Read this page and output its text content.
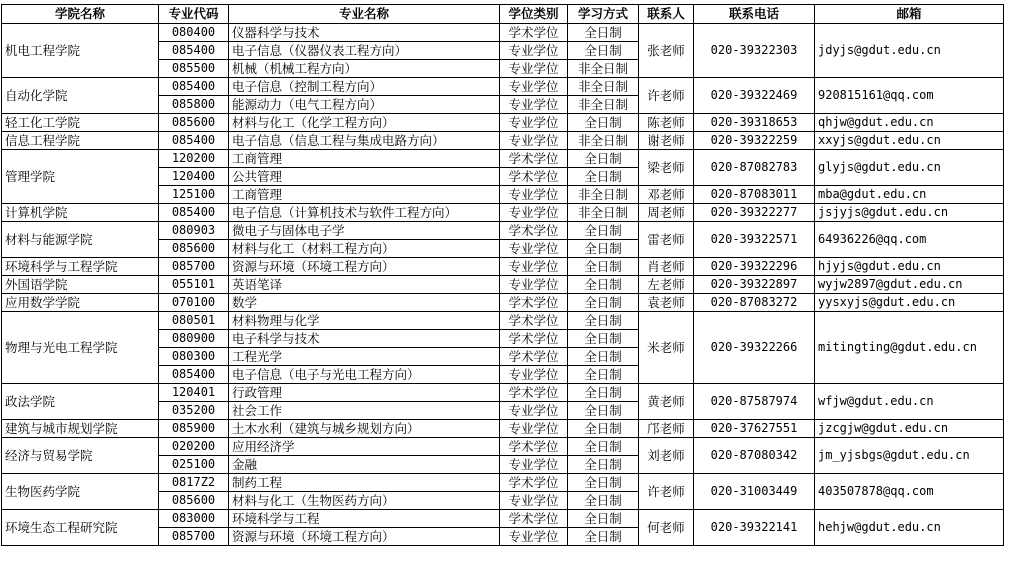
学院名称	专业代码	专业名称	学位类别	学习方式	联系人	联系电话	邮箱
机电工程学院	080400	仪器科学与技术	学术学位	全日制	张老师	020-39322303	jdyjs@gdut.edu.cn
	085400	电子信息（仪器仪表工程方向）	专业学位	全日制			
	085500	机械（机械工程方向）	专业学位	非全日制			
自动化学院	085400	电子信息（控制工程方向）	专业学位	非全日制	许老师	020-39322469	920815161@qq.com
	085800	能源动力（电气工程方向）	专业学位	非全日制			
轻工化工学院	085600	材料与化工（化学工程方向）	专业学位	全日制	陈老师	020-39318653	qhjw@gdut.edu.cn
信息工程学院	085400	电子信息（信息工程与集成电路方向）	专业学位	非全日制	谢老师	020-39322259	xxyjs@gdut.edu.cn
管理学院	120200	工商管理	学术学位	全日制	梁老师	020-87082783	glyjs@gdut.edu.cn
	120400	公共管理	学术学位	全日制			
	125100	工商管理	专业学位	非全日制	邓老师	020-87083011	mba@gdut.edu.cn
计算机学院	085400	电子信息（计算机技术与软件工程方向）	专业学位	非全日制	周老师	020-39322277	jsjyjs@gdut.edu.cn
材料与能源学院	080903	微电子与固体电子学	学术学位	全日制	雷老师	020-39322571	64936226@qq.com
	085600	材料与化工（材料工程方向）	专业学位	全日制			
环境科学与工程学院	085700	资源与环境（环境工程方向）	专业学位	全日制	肖老师	020-39322296	hjyjs@gdut.edu.cn
外国语学院	055101	英语笔译	专业学位	全日制	左老师	020-39322897	wyjw2897@gdut.edu.cn
应用数学学院	070100	数学	学术学位	全日制	袁老师	020-87083272	yysxyjs@gdut.edu.cn
物理与光电工程学院	080501	材料物理与化学	学术学位	全日制	米老师	020-39322266	mitingting@gdut.edu.cn
	080900	电子科学与技术	学术学位	全日制			
	080300	工程光学	学术学位	全日制			
	085400	电子信息（电子与光电工程方向）	专业学位	全日制			
政法学院	120401	行政管理	学术学位	全日制	黄老师	020-87587974	wfjw@gdut.edu.cn
	035200	社会工作	专业学位	全日制			
建筑与城市规划学院	085900	土木水利（建筑与城乡规划方向）	专业学位	全日制	邝老师	020-37627551	jzcgjw@gdut.edu.cn
经济与贸易学院	020200	应用经济学	学术学位	全日制	刘老师	020-87080342	jm_yjsbgs@gdut.edu.cn
	025100	金融	专业学位	全日制			
生物医药学院	0817Z2	制药工程	学术学位	全日制	许老师	020-31003449	403507878@qq.com
	085600	材料与化工（生物医药方向）	专业学位	全日制			
环境生态工程研究院	083000	环境科学与工程	学术学位	全日制	何老师	020-39322141	hehjw@gdut.edu.cn
	085700	资源与环境（环境工程方向）	专业学位	全日制			
